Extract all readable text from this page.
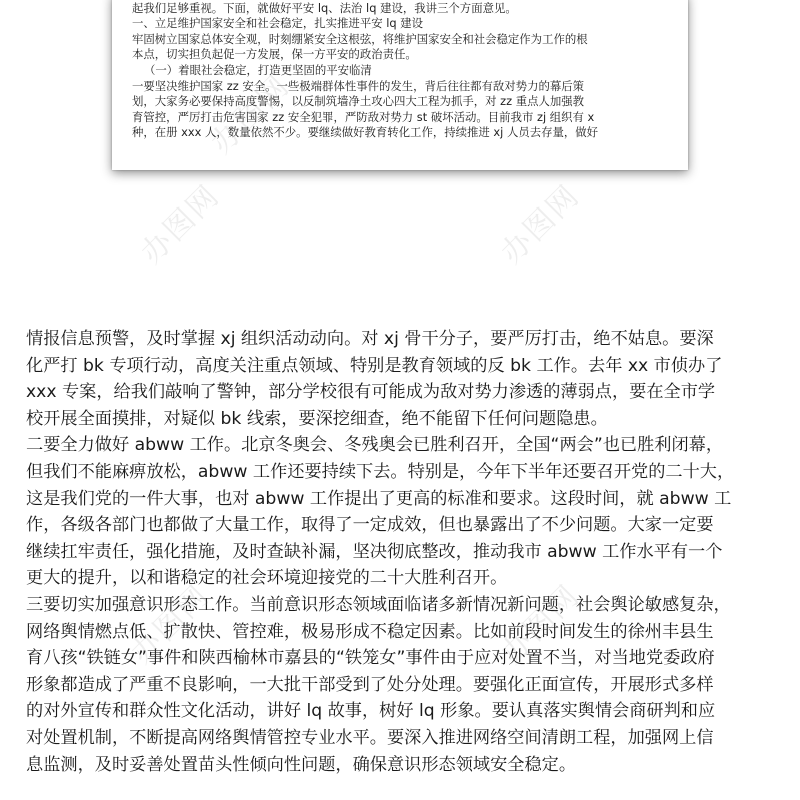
起我们足够重视。下面，就做好平安 lq、法治 lq 建设，我讲三个方面意见。
一、立足维护国家安全和社会稳定，扎实推进平安 lq 建设
牢固树立国家总体安全观，时刻绷紧安全这根弦，将维护国家安全和社会稳定作为工作的根
本点，切实担负起促一方发展，保一方平安的政治责任。
（一）着眼社会稳定，打造更坚固的平安临清
一要坚决维护国家 zz 安全。一些极端群体性事件的发生，背后往往都有敌对势力的幕后策
划，大家务必要保持高度警惕，以反制筑墙净土攻心四大工程为抓手，对 zz 重点人加强教
育管控，严厉打击危害国家 zz 安全犯罪，严防敌对势力 st 破坏活动。目前我市 zj 组织有 x
种，在册 xxx 人，数量依然不少。要继续做好教育转化工作，持续推进 xj 人员去存量，做好
办图网	办图网
办图网	办图网
情报信息预警，及时掌握 xj 组织活动动向。对 xj 骨干分子，要严厉打击，绝不姑息。要深
化严打 bk 专项行动，高度关注重点领域、特别是教育领域的反 bk 工作。去年 xx 市侦办了
xxx 专案，给我们敲响了警钟，部分学校很有可能成为敌对势力渗透的薄弱点，要在全市学
校开展全面摸排，对疑似 bk 线索，要深挖细查，绝不能留下任何问题隐患。
二要全力做好 abww 工作。北京冬奥会、冬残奥会已胜利召开，全国“两会”也已胜利闭幕，
但我们不能麻痹放松，abww 工作还要持续下去。特别是，今年下半年还要召开党的二十大，
这是我们党的一件大事，也对 abww 工作提出了更高的标准和要求。这段时间，就 abww 工
作，各级各部门也都做了大量工作，取得了一定成效，但也暴露出了不少问题。大家一定要
继续扛牢责任，强化措施，及时查缺补漏，坚决彻底整改，推动我市 abww 工作水平有一个
更大的提升，以和谐稳定的社会环境迎接党的二十大胜利召开。
三要切实加强意识形态工作。当前意识形态领域面临诸多新情况新问题，社会舆论敏感复杂，
网络舆情燃点低、扩散快、管控难，极易形成不稳定因素。比如前段时间发生的徐州丰县生
育八孩“铁链女”事件和陕西榆林市嘉县的“铁笼女”事件由于应对处置不当，对当地党委政府
形象都造成了严重不良影响，一大批干部受到了处分处理。要强化正面宣传，开展形式多样
的对外宣传和群众性文化活动，讲好 lq 故事，树好 lq 形象。要认真落实舆情会商研判和应
对处置机制，不断提高网络舆情管控专业水平。要深入推进网络空间清朗工程，加强网上信
息监测，及时妥善处置苗头性倾向性问题，确保意识形态领域安全稳定。
